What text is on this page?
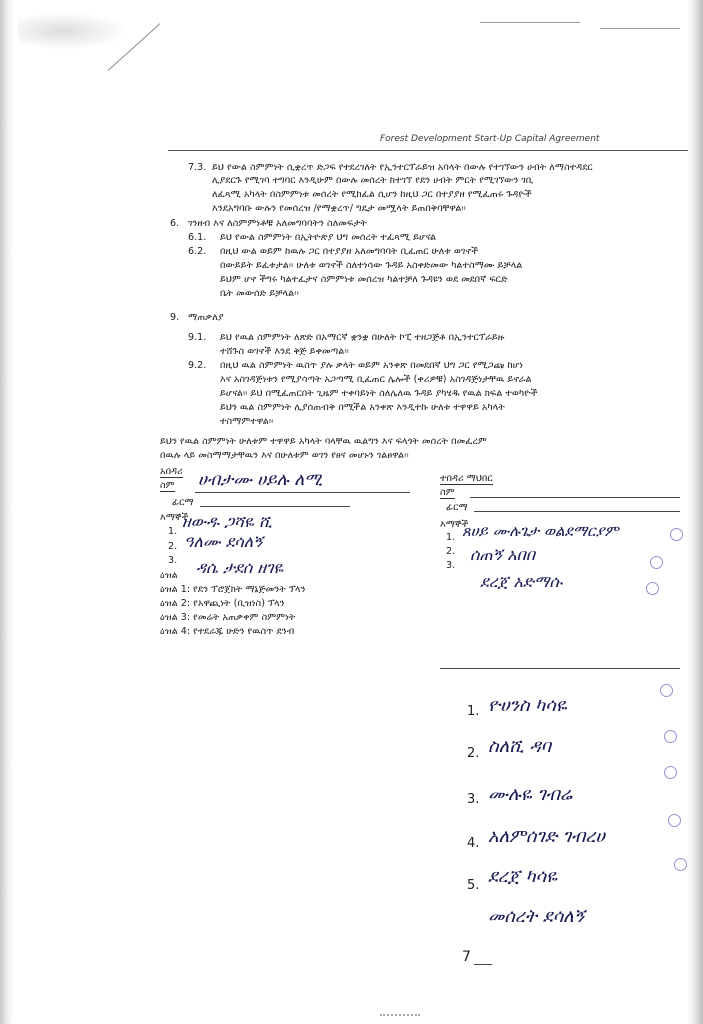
Forest Development Start-Up Capital Agreement
7.3. ይህ የውል ስምምነት ሲቋረጥ ድጋፍ የተደረገለት የኢንተርፕራይዝ አባላት በውሉ የተገኘውን ሀብት ለማስተዳደር
ሊያደርጉ የሚገባ ተግባር እንዲሁም በውሉ መሰረት ከተገኘ የደን ሀብት ምርት የሚገኘውን ገቢ
ለፈጻሚ አካላት በስምምነቱ መሰረት የሚከፈል ሲሆን ከዚህ ጋር በተያያዘ የሚፈጠሩ ጉዳዮች
እንደአግባቡ ውሉን የመሰረዝ /የማቋረጥ/ ግዴታ መሟላት ይጠበቅባቸዋል፡፡
6. ገንዘብ እና ለስምምነቶቹ አለመግባባትን ስለመፍታት
6.1. ይህ የውል ስምምነት በኢትዮጵያ ህግ መሰረት ተፈጻሚ ይሆናል
6.2. በዚህ ውል ወይም ከዉሉ ጋር በተያያዘ አለመግባባት ቢፈጠር ሁለቱ ወገኖች
በውይይት ይፈቱታል፡፡ ሁለቱ ወገኖች ስለተነሳው ጉዳይ አስቀድመው ካልተስማሙ ይቻላል
ይህም ሆኖ ችግሩ ካልተፈታና ስምምነቱ መሰረዝ ካልተቻለ ጉዳዩን ወደ መደበኛ ፍርድ
ቤት መውሰድ ይቻላል፡፡
9. ማጠቃለያ
9.1. ይህ የዉል ስምምነት ለጽድ በአማርኛ ቋንቋ በሁለት ኮፒ ተዘጋጅቶ በኢንተርፕራይዙ
ተሸጉስ ወገኖች እንደ ቅጅ ይቀመጣል፡፡
9.2. በዚህ ዉል ስምምነት ዉስጥ ያሉ ቃላት ወይም አንቀጽ በመደበኛ ህግ ጋር የሚጋጩ ከሆነ
እና አስገዳጅነቱን የሚያሳጣት አጋጣሚ ቢፈጠር ሌሎች (ቀሪዎቹ) አስገዳጅነታቸዉ ይኖራል
ይሆናል፡፡ ይህ በሚፈጠርበት ጊዜም ተቀባይነት ስለሌለዉ ጉዳይ ያካሄዱ የዉል ክፍል ተወካዮች
ይህን ዉል ስምምነት ሊያሰጠብቅ በሚችል አንቀጽ እንዲተኩ ሁለቱ ተዋዋይ አካላት
ተስማምተዋል፡፡
ይህን የዉል ስምምነት ሁለቱም ተዋዋይ አካላት ባላቸዉ ዉልግን እና ፍላጎት መሰረት በመፈረም
በዉሉ ላይ መስማማታቸዉን እና በሁለቱም ወገን የፀና መሆኑን ገልፀዋል፡፡
አበዳሪ
ስም ሀብታሙ ሀይሉ ለሚ
ፊርማ
እማኞች
1.
ዘውዱ ጋሻዬ ሺ
2. ዓለሙ ደሳለኝ
3.
ዕዝል ዳሴ ታደሰ ዘገዬ
ዕዝል 1: የደን ፕሮጀክት ማኔጅመንት ፕላን
ዕዝል 2: የአዋጪነት (ቢዝነስ) ፕላን
ዕዝል 3: የመሬት አጠቃቀም ስምምነት
ዕዝል 4: የተደራጁ ሁድን የዉስጥ ደንብ
ተበዳሪ ማህበር
ስም
ፊርማ
እማኞች
1. ጸሀይ ሙሉጌታ ወልደማርያም
2. ሰጠኝ አበበ
3.
ደረጀ አድማሱ
1. ዮሀንስ ካሳዬ
2. ስለሺ ዳባ
3. ሙሉዬ ገብሬ
4. አለምሰገድ ገብረሀ
5. ደረጀ ካሳዬ
መሰረት ደሳለኝ
7
